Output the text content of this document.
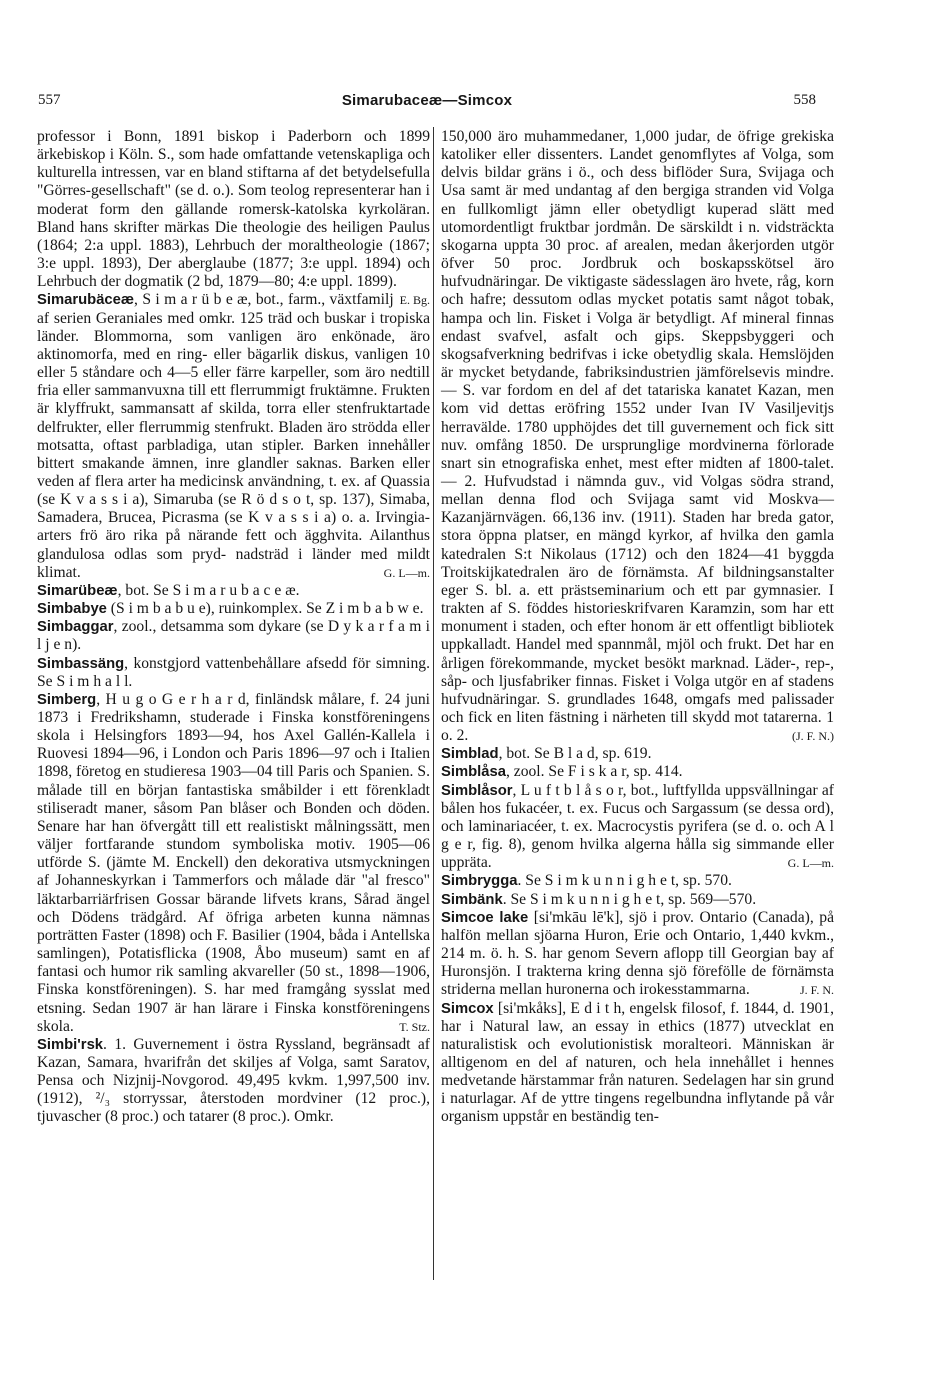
557	Simarubaceæ—Simcox	558

professor i Bonn, 1891 biskop i Paderborn och 1899 ärkebiskop i Köln. S., som hade omfattande vetenskapliga och kulturella intressen, var en bland stiftarna af det betydelsefulla "Görres-gesellschaft" (se d. o.). Som teolog representerar han i moderat form den gällande romersk-katolska kyrkoläran. Bland hans skrifter märkas Die theologie des heiligen Paulus (1864; 2:a uppl. 1883), Lehrbuch der moraltheologie (1867; 3:e uppl. 1893), Der aberglaube (1877; 3:e uppl. 1894) och Lehrbuch der dogmatik (2 bd, 1879—80; 4:e uppl. 1899).
E. Bg.

Simarubäceæ, S i m a r ü b e æ, bot., farm., växtfamilj af serien Geraniales med omkr. 125 träd och buskar i tropiska länder. Blommorna, som vanligen äro enkönade, äro aktinomorfa, med en ring- eller bägarlik diskus, vanligen 10 eller 5 ståndare och 4—5 eller färre karpeller, som äro nedtill fria eller sammanvuxna till ett flerrummigt fruktämne. Frukten är klyffrukt, sammansatt af skilda, torra eller stenfruktartade delfrukter, eller flerrummig stenfrukt. Bladen äro strödda eller motsatta, oftast parbladiga, utan stipler. Barken innehåller bittert smakande ämnen, inre glandler saknas. Barken eller veden af flera arter ha medicinsk användning, t. ex. af Quassia (se K v a s s i a), Simaruba (se R ö d s o t, sp. 137), Simaba, Samadera, Brucea, Picrasma (se K v a s s i a) o. a. Irvingia-arters frö äro rika på närande fett och ägghvita. Ailanthus glandulosa odlas som pryd- nadsträd i länder med mildt klimat.	G. L—m.

Simarübeæ, bot. Se S i m a r u b a c e æ.

Simbabye (S i m b a b u e), ruinkomplex. Se Z i m b a b w e.

Simbaggar, zool., detsamma som dykare (se D y k a r f a m i l j e n).

Simbassäng, konstgjord vattenbehållare afsedd för simning. Se S i m h a l l.

Simberg, H u g o G e r h a r d, finländsk målare, f. 24 juni 1873 i Fredrikshamn, studerade i Finska konstföreningens skola i Helsingfors 1893—94, hos Axel Gallén-Kallela i Ruovesi 1894—96, i London och Paris 1896—97 och i Italien 1898, företog en studieresa 1903—04 till Paris och Spanien. S. målade till en början fantastiska småbilder i ett förenkladt stiliseradt maner, såsom Pan blåser och Bonden och döden. Senare har han öfvergått till ett realistiskt målningssätt, men väljer fortfarande stundom symboliska motiv. 1905—06 utförde S. (jämte M. Enckell) den dekorativa utsmyckningen af Johanneskyrkan i Tammerfors och målade där "al fresco" läktarbarriärfrisen Gossar bärande lifvets krans, Sårad ängel och Dödens trädgård. Af öfriga arbeten kunna nämnas porträtten Faster (1898) och F. Basilier (1904, båda i Antellska samlingen), Potatisflicka (1908, Åbo museum) samt en af fantasi och humor rik samling akvareller (50 st., 1898—1906, Finska konstföreningen). S. har med framgång sysslat med etsning. Sedan 1907 är han lärare i Finska konstföreningens skola.	T. Stz.

Simbi'rsk. 1. Guvernement i östra Ryssland, begränsadt af Kazan, Samara, hvarifrån det skiljes af Volga, samt Saratov, Pensa och Nizjnij-Novgorod. 49,495 kvkm. 1,997,500 inv. (1912), ²/₃ storryssar, återstoden mordviner (12 proc.), tjuvascher (8 proc.) och tatarer (8 proc.). Omkr.

150,000 äro muhammedaner, 1,000 judar, de öfrige grekiska katoliker eller dissenters. Landet genomflytes af Volga, som delvis bildar gräns i ö., och dess biflöder Sura, Svijaga och Usa samt är med undantag af den bergiga stranden vid Volga en fullkomligt jämn eller obetydligt kuperad slätt med utomordentligt fruktbar jordmån. De särskildt i n. vidsträckta skogarna uppta 30 proc. af arealen, medan åkerjorden utgör öfver 50 proc. Jordbruk och boskapsskötsel äro hufvudnäringar. De viktigaste sädesslagen äro hvete, råg, korn och hafre; dessutom odlas mycket potatis samt något tobak, hampa och lin. Fisket i Volga är betydligt. Af mineral finnas endast svafvel, asfalt och gips. Skeppsbyggeri och skogsafverkning bedrifvas i icke obetydlig skala. Hemslöjden är mycket betydande, fabriksindustrien jämförelsevis mindre. — S. var fordom en del af det tatariska kanatet Kazan, men kom vid dettas eröfring 1552 under Ivan IV Vasiljevitjs herravälde. 1780 upphöjdes det till guvernement och fick sitt nuv. omfång 1850. De ursprunglige mordvinerna förlorade snart sin etnografiska enhet, mest efter midten af 1800-talet. — 2. Hufvudstad i nämnda guv., vid Volgas södra strand, mellan denna flod och Svijaga samt vid Moskva—Kazanjärnvägen. 66,136 inv. (1911). Staden har breda gator, stora öppna platser, en mängd kyrkor, af hvilka den gamla katedralen S:t Nikolaus (1712) och den 1824—41 byggda Troitskijkatedralen äro de förnämsta. Af bildningsanstalter eger S. bl. a. ett prästseminarium och ett par gymnasier. I trakten af S. föddes historieskrifvaren Karamzin, som har ett monument i staden, och efter honom är ett offentligt bibliotek uppkalladt. Handel med spannmål, mjöl och frukt. Det har en årligen förekommande, mycket besökt marknad. Läder-, rep-, såp- och ljusfabriker finnas. Fisket i Volga utgör en af stadens hufvudnäringar. S. grundlades 1648, omgafs med palissader och fick en liten fästning i närheten till skydd mot tatarerna. 1 o. 2.	(J. F. N.)

Simblad, bot. Se B l a d, sp. 619.

Simblåsa, zool. Se F i s k a r, sp. 414.

Simblåsor, L u f t b l å s o r, bot., luftfyllda uppsvällningar af bålen hos fukacéer, t. ex. Fucus och Sargassum (se dessa ord), och laminariacéer, t. ex. Macrocystis pyrifera (se d. o. och A l g e r, fig. 8), genom hvilka algerna hålla sig simmande eller uppräta.	G. L—m.

Simbrygga. Se S i m k u n n i g h e t, sp. 570.

Simbänk. Se S i m k u n n i g h e t, sp. 569—570.

Simcoe lake [si'mkāu lē'k], sjö i prov. Ontario (Canada), på halfön mellan sjöarna Huron, Erie och Ontario, 1,440 kvkm., 214 m. ö. h. S. har genom Severn aflopp till Georgian bay af Huronsjön. I trakterna kring denna sjö förefölle de förnämsta striderna mellan huronerna och irokesstammarna.	J. F. N.

Simcox [si'mkåks], E d i t h, engelsk filosof, f. 1844, d. 1901, har i Natural law, an essay in ethics (1877) utvecklat en naturalistisk och evolutionistisk moralteori. Människan är alltigenom en del af naturen, och hela innehållet i hennes medvetande härstammar från naturen. Sedelagen har sin grund i naturlagar. Af de yttre tingens regelbundna inflytande på vår organism uppstår en beständig ten-
